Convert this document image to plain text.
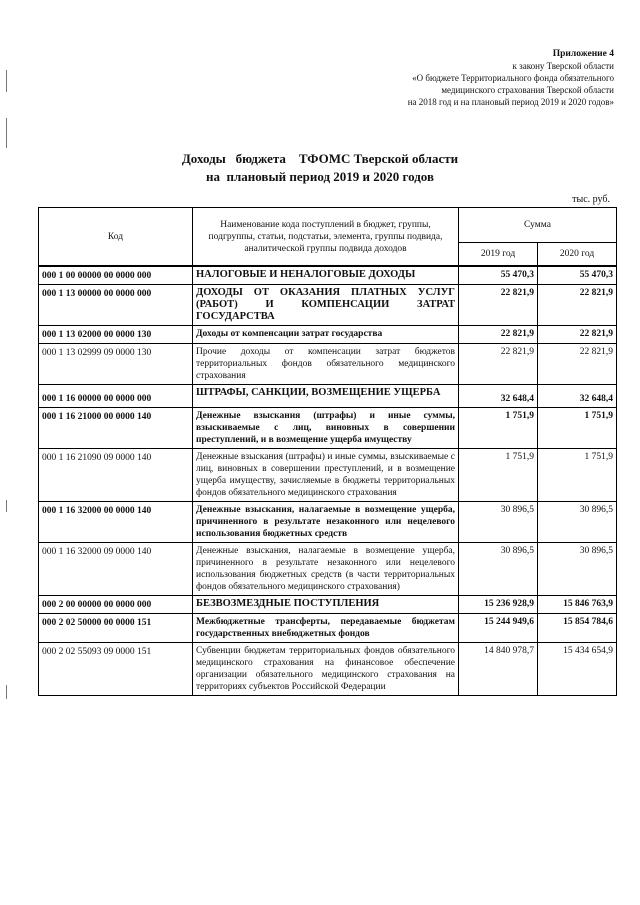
Приложение 4
к закону Тверской области
«О бюджете Территориального фонда обязательного
медицинского страхования Тверской области
на 2018 год и на плановый период 2019 и 2020 годов»
Доходы   бюджета    ТФОМС Тверской области
на  плановый период 2019 и 2020 годов
тыс. руб.
Код	Наименование кода поступлений в бюджет, группы, подгруппы, статьи, подстатьи, элемента, группы подвида, аналитической группы подвида доходов	Сумма	
		2019 год	2020 год
000 1 00 00000 00 0000 000	НАЛОГОВЫЕ И НЕНАЛОГОВЫЕ ДОХОДЫ	55 470,3	55 470,3
000 1 13 00000 00 0000 000	ДОХОДЫ ОТ ОКАЗАНИЯ ПЛАТНЫХ УСЛУГ (РАБОТ) И КОМПЕНСАЦИИ ЗАТРАТ ГОСУДАРСТВА	22 821,9	22 821,9
000 1 13 02000 00 0000 130	Доходы от компенсации затрат государства	22 821,9	22 821,9
000 1 13 02999 09 0000 130	Прочие доходы от компенсации затрат бюджетов территориальных фондов обязательного медицинского страхования	22 821,9	22 821,9
000 1 16 00000 00 0000 000	ШТРАФЫ, САНКЦИИ, ВОЗМЕЩЕНИЕ УЩЕРБА	32 648,4	32 648,4
000 1 16 21000 00 0000 140	Денежные взыскания (штрафы) и иные суммы, взыскиваемые с лиц, виновных в совершении преступлений, и в возмещение ущерба имуществу	1 751,9	1 751,9
000 1 16 21090 09 0000 140	Денежные взыскания (штрафы) и иные суммы, взыскиваемые с лиц, виновных в совершении преступлений, и в возмещение ущерба имуществу, зачисляемые в бюджеты территориальных фондов обязательного медицинского страхования	1 751,9	1 751,9
000 1 16 32000 00 0000 140	Денежные взыскания, налагаемые в возмещение ущерба, причиненного в результате незаконного или нецелевого использования бюджетных средств	30 896,5	30 896,5
000 1 16 32000 09 0000 140	Денежные взыскания, налагаемые в возмещение ущерба, причиненного в результате незаконного или нецелевого использования бюджетных средств (в части территориальных фондов обязательного медицинского страхования)	30 896,5	30 896,5
000 2 00 00000 00 0000 000	БЕЗВОЗМЕЗДНЫЕ ПОСТУПЛЕНИЯ	15 236 928,9	15 846 763,9
000 2 02 50000 00 0000 151	Межбюджетные трансферты, передаваемые бюджетам государственных внебюджетных фондов	15 244 949,6	15 854 784,6
000 2 02 55093 09 0000 151	Субвенции бюджетам территориальных фондов обязательного медицинского страхования на финансовое обеспечение организации обязательного медицинского страхования на территориях субъектов Российской Федерации	14 840 978,7	15 434 654,9
